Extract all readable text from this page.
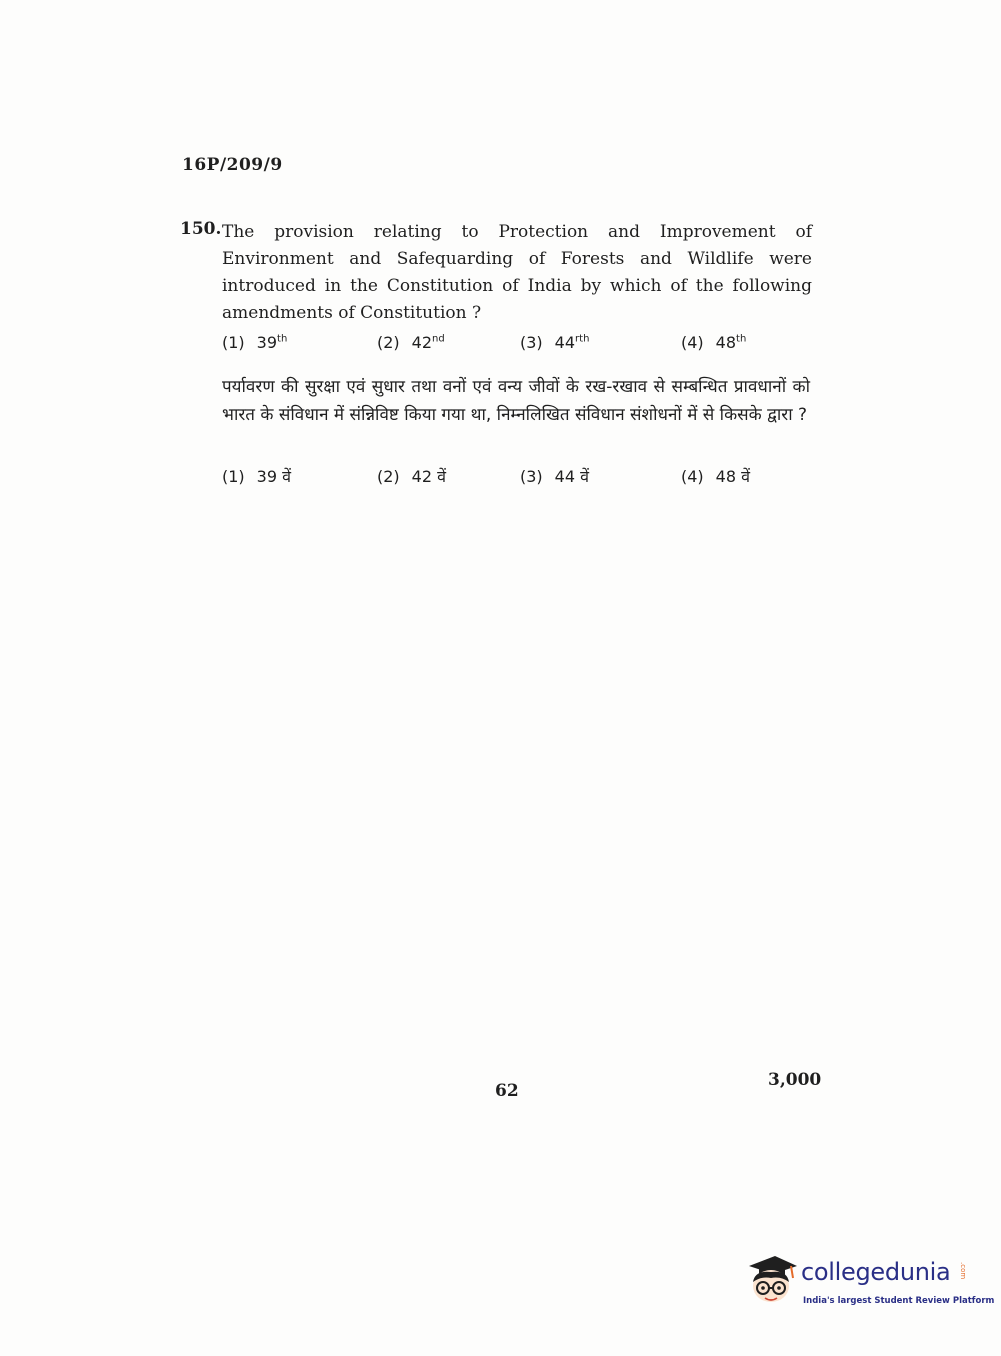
16P/209/9
150. The provision relating to Protection and Improvement of Environment and Safequarding of Forests and Wildlife were introduced in the Constitution of India by which of the following amendments of Constitution ?
(1) 39th	(2) 42nd	(3) $44^{rth}$	(4) 48th
पर्यावरण की सुरक्षा एवं सुधार तथा वनों एवं वन्य जीवों के रख-रखाव से सम्बन्धित प्रावधानों को भारत के संविधान में संन्निविष्ट किया गया था, निम्नलिखित संविधान संशोधनों में से किसके द्वारा ?
(1) 39 वें	(2) 42 वें	(3) 44 वें	(4) 48 वें
62
3,000
collegedunia .com
India's largest Student Review Platform
